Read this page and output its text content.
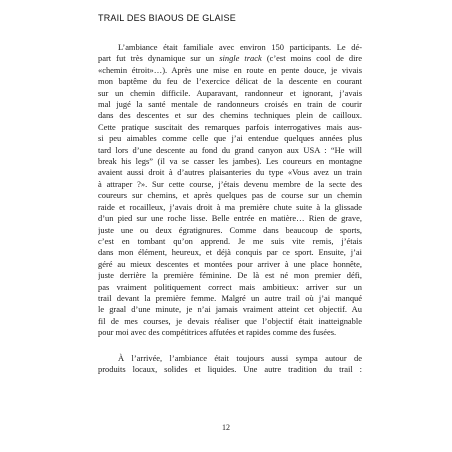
TRAIL DES BIAOUS DE GLAISE
L’ambiance était familiale avec environ 150 participants. Le dé-
part fut très dynamique sur un single track (c’est moins cool de dire
«chemin étroit»…). Après une mise en route en pente douce, je vivais
mon baptême du feu de l’exercice délicat de la descente en courant
sur un chemin difficile. Auparavant, randonneur et ignorant, j’avais
mal jugé la santé mentale de randonneurs croisés en train de courir
dans des descentes et sur des chemins techniques plein de cailloux.
Cette pratique suscitait des remarques parfois interrogatives mais aus-
si peu aimables comme celle que j’ai entendue quelques années plus
tard lors d’une descente au fond du grand canyon aux USA : “He will
break his legs” (il va se casser les jambes). Les coureurs en montagne
avaient aussi droit à d’autres plaisanteries du type «Vous avez un train
à attraper ?». Sur cette course, j’étais devenu membre de la secte des
coureurs sur chemins, et après quelques pas de course sur un chemin
raide et rocailleux, j’avais droit à ma première chute suite à la glissade
d’un pied sur une roche lisse. Belle entrée en matière… Rien de grave,
juste une ou deux égratignures. Comme dans beaucoup de sports,
c’est en tombant qu’on apprend. Je me suis vite remis, j’étais
dans mon élément, heureux, et déjà conquis par ce sport. Ensuite, j’ai
géré au mieux descentes et montées pour arriver à une place honnête,
juste derrière la première féminine. De là est né mon premier défi,
pas vraiment politiquement correct mais ambitieux: arriver sur un
trail devant la première femme. Malgré un autre trail où j’ai manqué
le graal d’une minute, je n’ai jamais vraiment atteint cet objectif. Au
fil de mes courses, je devais réaliser que l’objectif était inatteignable
pour moi avec des compétitrices affutées et rapides comme des fusées.
À l’arrivée, l’ambiance était toujours aussi sympa autour de
produits locaux, solides et liquides. Une autre tradition du trail :
12
